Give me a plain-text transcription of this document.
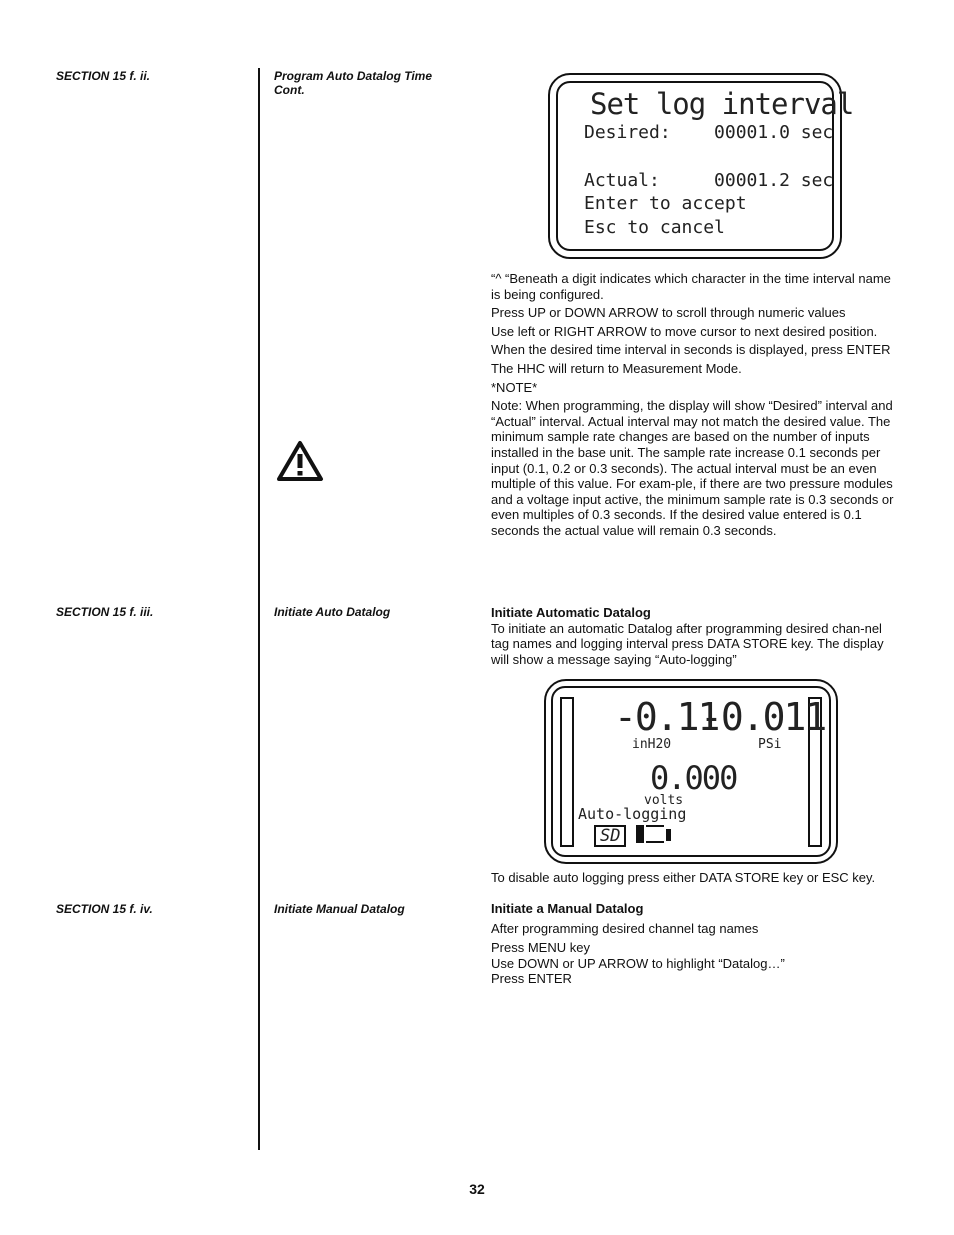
SECTION 15 f. ii.
SECTION 15 f. iii.
SECTION 15 f. iv.
Program Auto Datalog Time Cont.
Initiate Auto Datalog
Initiate Manual Datalog
Set log interval
Desired:    00001.0 sec
Actual:     00001.2 sec
Enter to accept
Esc to cancel

“^ “Beneath a digit indicates which character in the time interval name is being configured.

Press UP or DOWN ARROW to scroll through numeric values

Use left or RIGHT ARROW to move cursor to next desired position.

When the desired time interval in seconds is displayed, press ENTER

The HHC will return to Measurement Mode.

*NOTE*

Note: When programming, the display will show “Desired” interval and “Actual” interval. Actual interval may not match the desired value. The minimum sample rate changes are based on the number of inputs installed in the base unit. The sample rate increase 0.1 seconds per input (0.1, 0.2 or 0.3 seconds). The actual interval must be an even multiple of this value. For exam-ple, if there are two pressure modules and a voltage input active, the minimum sample rate is 0.3 seconds or even multiples of 0.3 seconds. If the desired value entered is 0.1 seconds the actual value will remain 0.3 seconds.

Initiate Automatic Datalog

To initiate an automatic Datalog after programming desired chan-nel tag names and logging interval press DATA STORE key. The display will show a message saying “Auto-logging”

-0.11
inH20
-0.011
PSi
0.000
volts
Auto-logging
SD

To disable auto logging press either DATA STORE key or ESC key.

Initiate a Manual Datalog

After programming desired channel tag names

Press MENU key

Use DOWN or UP ARROW to highlight “Datalog…”

Press ENTER

32
